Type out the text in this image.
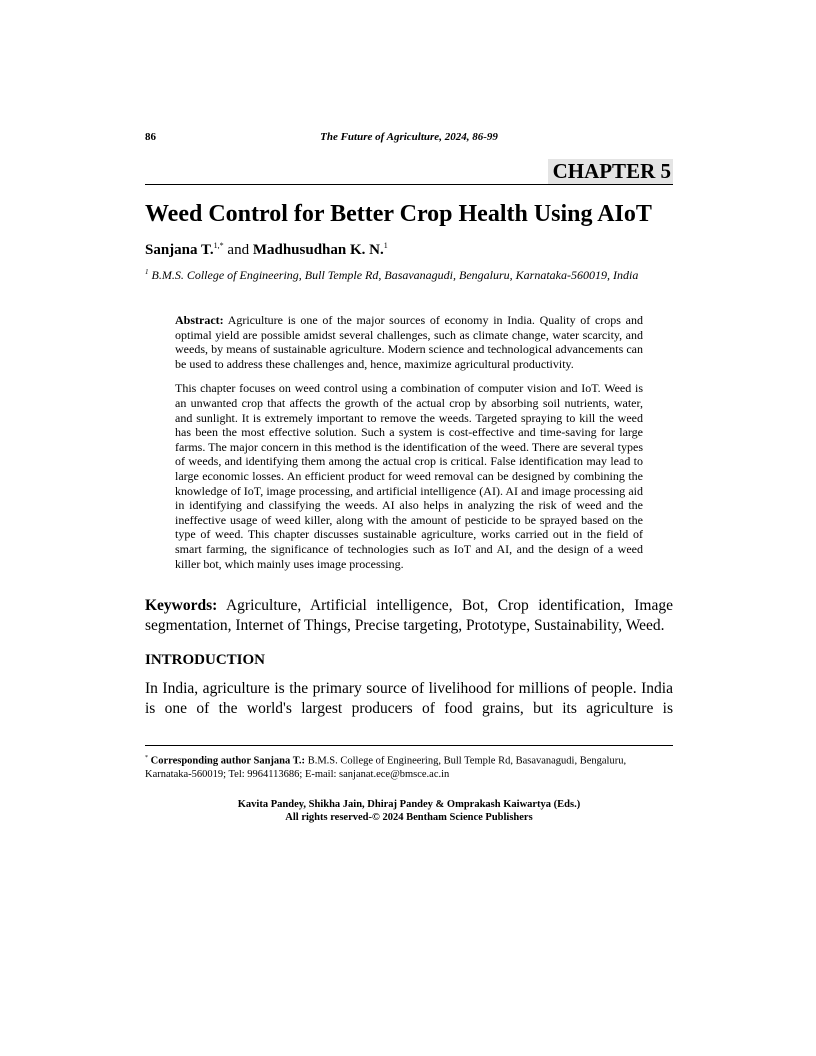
86	The Future of Agriculture, 2024, 86-99
CHAPTER 5
Weed Control for Better Crop Health Using AIoT
Sanjana T.$^{1,*}$ and Madhusudhan K. N.$^1$
$^1$ B.M.S. College of Engineering, Bull Temple Rd, Basavanagudi, Bengaluru, Karnataka-560019, India

Abstract: Agriculture is one of the major sources of economy in India. Quality of crops and optimal yield are possible amidst several challenges, such as climate change, water scarcity, and weeds, by means of sustainable agriculture. Modern science and technological advancements can be used to address these challenges and, hence, maximize agricultural productivity.

This chapter focuses on weed control using a combination of computer vision and IoT. Weed is an unwanted crop that affects the growth of the actual crop by absorbing soil nutrients, water, and sunlight. It is extremely important to remove the weeds. Targeted spraying to kill the weed has been the most effective solution. Such a system is cost-effective and time-saving for large farms. The major concern in this method is the identification of the weed. There are several types of weeds, and identifying them among the actual crop is critical. False identification may lead to large economic losses. An efficient product for weed removal can be designed by combining the knowledge of IoT, image processing, and artificial intelligence (AI). AI and image processing aid in identifying and classifying the weeds. AI also helps in analyzing the risk of weed and the ineffective usage of weed killer, along with the amount of pesticide to be sprayed based on the type of weed. This chapter discusses sustainable agriculture, works carried out in the field of smart farming, the significance of technologies such as IoT and AI, and the design of a weed killer bot, which mainly uses image processing.

Keywords: Agriculture, Artificial intelligence, Bot, Crop identification, Image segmentation, Internet of Things, Precise targeting, Prototype, Sustainability, Weed.
INTRODUCTION
In India, agriculture is the primary source of livelihood for millions of people. India is one of the world's largest producers of food grains, but its agriculture is
* Corresponding author Sanjana T.: B.M.S. College of Engineering, Bull Temple Rd, Basavanagudi, Bengaluru, Karnataka-560019; Tel: 9964113686; E-mail: sanjanat.ece@bmsce.ac.in
Kavita Pandey, Shikha Jain, Dhiraj Pandey & Omprakash Kaiwartya (Eds.)
All rights reserved-© 2024 Bentham Science Publishers
